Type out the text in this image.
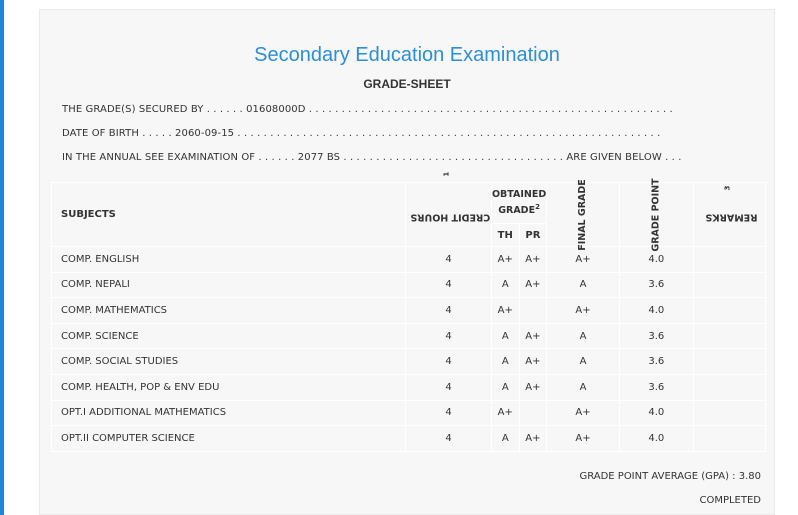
Secondary Education Examination
GRADE-SHEET
THE GRADE(S) SECURED BY . . . . . . 01608000D . . . . . . . . . . . . . . . . . . . . . . . . . . . . . . . . . . . . . . . . . . . . . . . . . . . . . . . .
DATE OF BIRTH . . . . . 2060-09-15 . . . . . . . . . . . . . . . . . . . . . . . . . . . . . . . . . . . . . . . . . . . . . . . . . . . . . . . . . . . . . . . . .
IN THE ANNUAL SEE EXAMINATION OF . . . . . . 2077 BS . . . . . . . . . . . . . . . . . . . . . . . . . . . . . . . . . . ARE GIVEN BELOW . . .
SUBJECTS	CREDIT HOURS$^1$	OBTAINED GRADE$^2$		FINAL GRADE	GRADE POINT	REMARKS$^3$
		TH	PR			
COMP. ENGLISH	4	A+	A+	A+	4.0	
COMP. NEPALI	4	A	A+	A	3.6	
COMP. MATHEMATICS	4	A+		A+	4.0	
COMP. SCIENCE	4	A	A+	A	3.6	
COMP. SOCIAL STUDIES	4	A	A+	A	3.6	
COMP. HEALTH, POP & ENV EDU	4	A	A+	A	3.6	
OPT.I ADDITIONAL MATHEMATICS	4	A+		A+	4.0	
OPT.II COMPUTER SCIENCE	4	A	A+	A+	4.0	
GRADE POINT AVERAGE (GPA) : 3.80
COMPLETED
